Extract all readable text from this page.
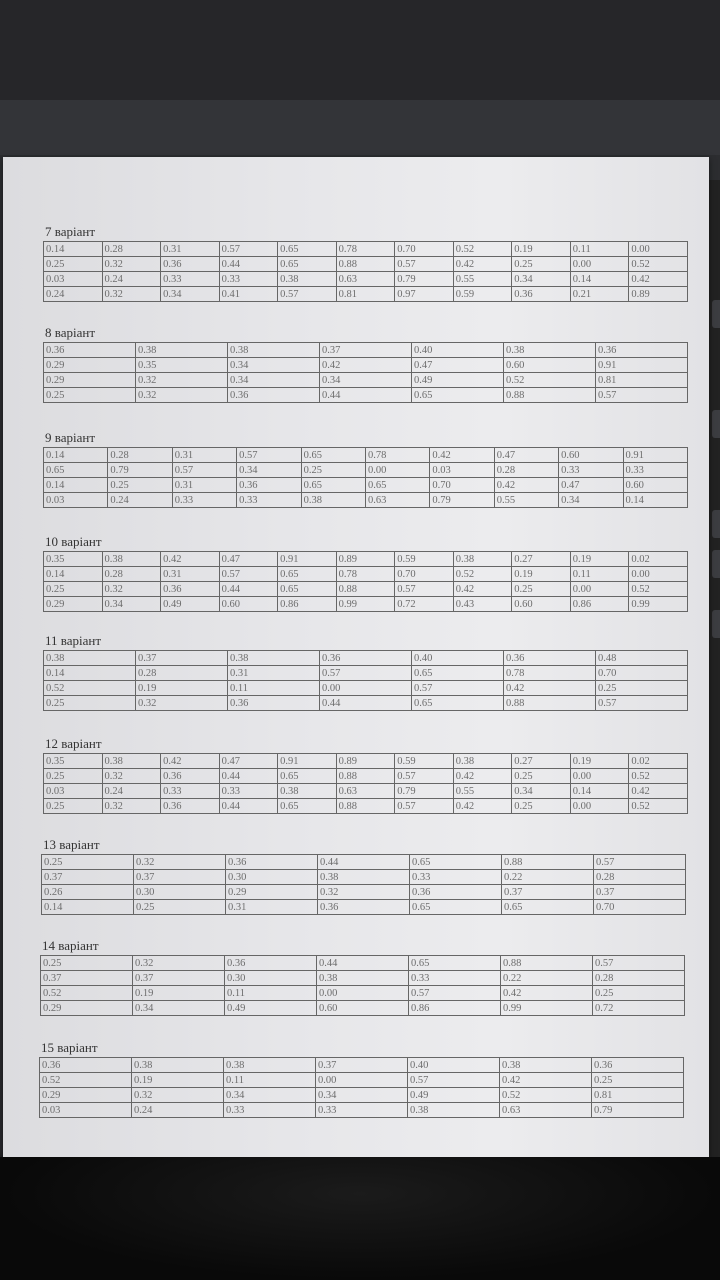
7 варіант
0.14	0.28	0.31	0.57	0.65	0.78	0.70	0.52	0.19	0.11	0.00
0.25	0.32	0.36	0.44	0.65	0.88	0.57	0.42	0.25	0.00	0.52
0.03	0.24	0.33	0.33	0.38	0.63	0.79	0.55	0.34	0.14	0.42
0.24	0.32	0.34	0.41	0.57	0.81	0.97	0.59	0.36	0.21	0.89
8 варіант
0.36	0.38	0.38	0.37	0.40	0.38	0.36
0.29	0.35	0.34	0.42	0.47	0.60	0.91
0.29	0.32	0.34	0.34	0.49	0.52	0.81
0.25	0.32	0.36	0.44	0.65	0.88	0.57
9 варіант
0.14	0.28	0.31	0.57	0.65	0.78	0.42	0.47	0.60	0.91
0.65	0.79	0.57	0.34	0.25	0.00	0.03	0.28	0.33	0.33
0.14	0.25	0.31	0.36	0.65	0.65	0.70	0.42	0.47	0.60
0.03	0.24	0.33	0.33	0.38	0.63	0.79	0.55	0.34	0.14
10 варіант
0.35	0.38	0.42	0.47	0.91	0.89	0.59	0.38	0.27	0.19	0.02
0.14	0.28	0.31	0.57	0.65	0.78	0.70	0.52	0.19	0.11	0.00
0.25	0.32	0.36	0.44	0.65	0.88	0.57	0.42	0.25	0.00	0.52
0.29	0.34	0.49	0.60	0.86	0.99	0.72	0.43	0.60	0.86	0.99
11 варіант
0.38	0.37	0.38	0.36	0.40	0.36	0.48
0.14	0.28	0.31	0.57	0.65	0.78	0.70
0.52	0.19	0.11	0.00	0.57	0.42	0.25
0.25	0.32	0.36	0.44	0.65	0.88	0.57
12 варіант
0.35	0.38	0.42	0.47	0.91	0.89	0.59	0.38	0.27	0.19	0.02
0.25	0.32	0.36	0.44	0.65	0.88	0.57	0.42	0.25	0.00	0.52
0.03	0.24	0.33	0.33	0.38	0.63	0.79	0.55	0.34	0.14	0.42
0.25	0.32	0.36	0.44	0.65	0.88	0.57	0.42	0.25	0.00	0.52
13 варіант
0.25	0.32	0.36	0.44	0.65	0.88	0.57
0.37	0.37	0.30	0.38	0.33	0.22	0.28
0.26	0.30	0.29	0.32	0.36	0.37	0.37
0.14	0.25	0.31	0.36	0.65	0.65	0.70
14 варіант
0.25	0.32	0.36	0.44	0.65	0.88	0.57
0.37	0.37	0.30	0.38	0.33	0.22	0.28
0.52	0.19	0.11	0.00	0.57	0.42	0.25
0.29	0.34	0.49	0.60	0.86	0.99	0.72
15 варіант
0.36	0.38	0.38	0.37	0.40	0.38	0.36
0.52	0.19	0.11	0.00	0.57	0.42	0.25
0.29	0.32	0.34	0.34	0.49	0.52	0.81
0.03	0.24	0.33	0.33	0.38	0.63	0.79
